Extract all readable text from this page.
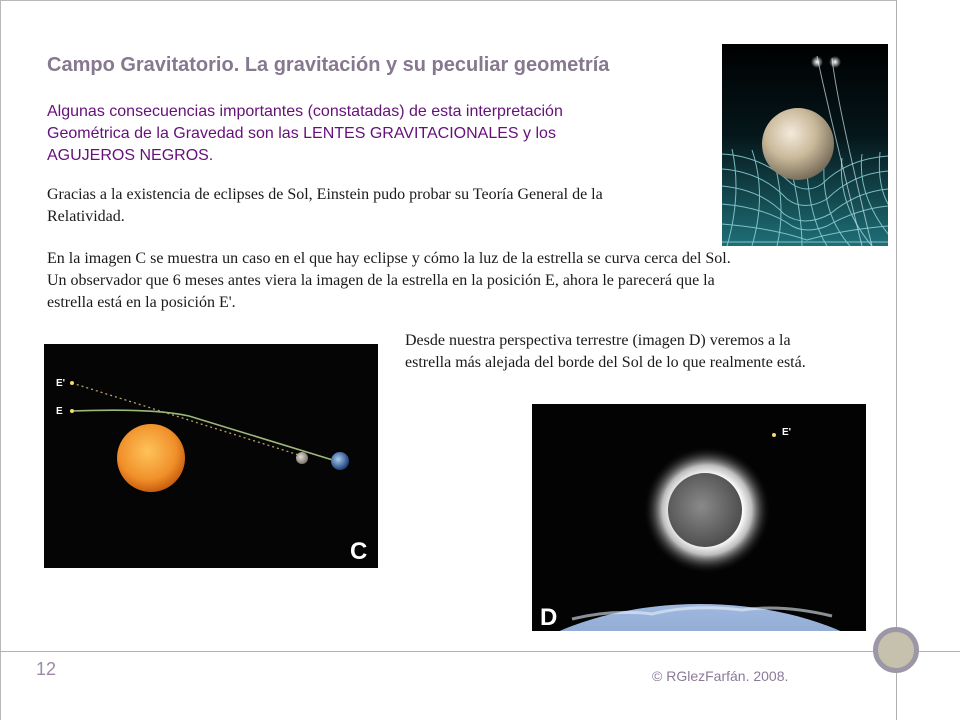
Campo Gravitatorio. La gravitación y su peculiar geometría
Algunas consecuencias importantes (constatadas) de esta interpretación Geométrica de la Gravedad son las LENTES GRAVITACIONALES y los AGUJEROS NEGROS.
Gracias a la existencia de eclipses de Sol, Einstein pudo probar su Teoría General de la Relatividad.
En la imagen C se muestra un caso en el que hay eclipse y cómo la luz de la estrella se curva cerca del Sol. Un observador que 6 meses antes viera la imagen de la estrella en la posición E, ahora le parecerá que la estrella está en la posición E'.
Desde nuestra perspectiva terrestre (imagen D) veremos a la estrella más alejada del borde del Sol de lo que realmente está.
E'
E
C
E'
D
12	© RGlezFarfán. 2008.
